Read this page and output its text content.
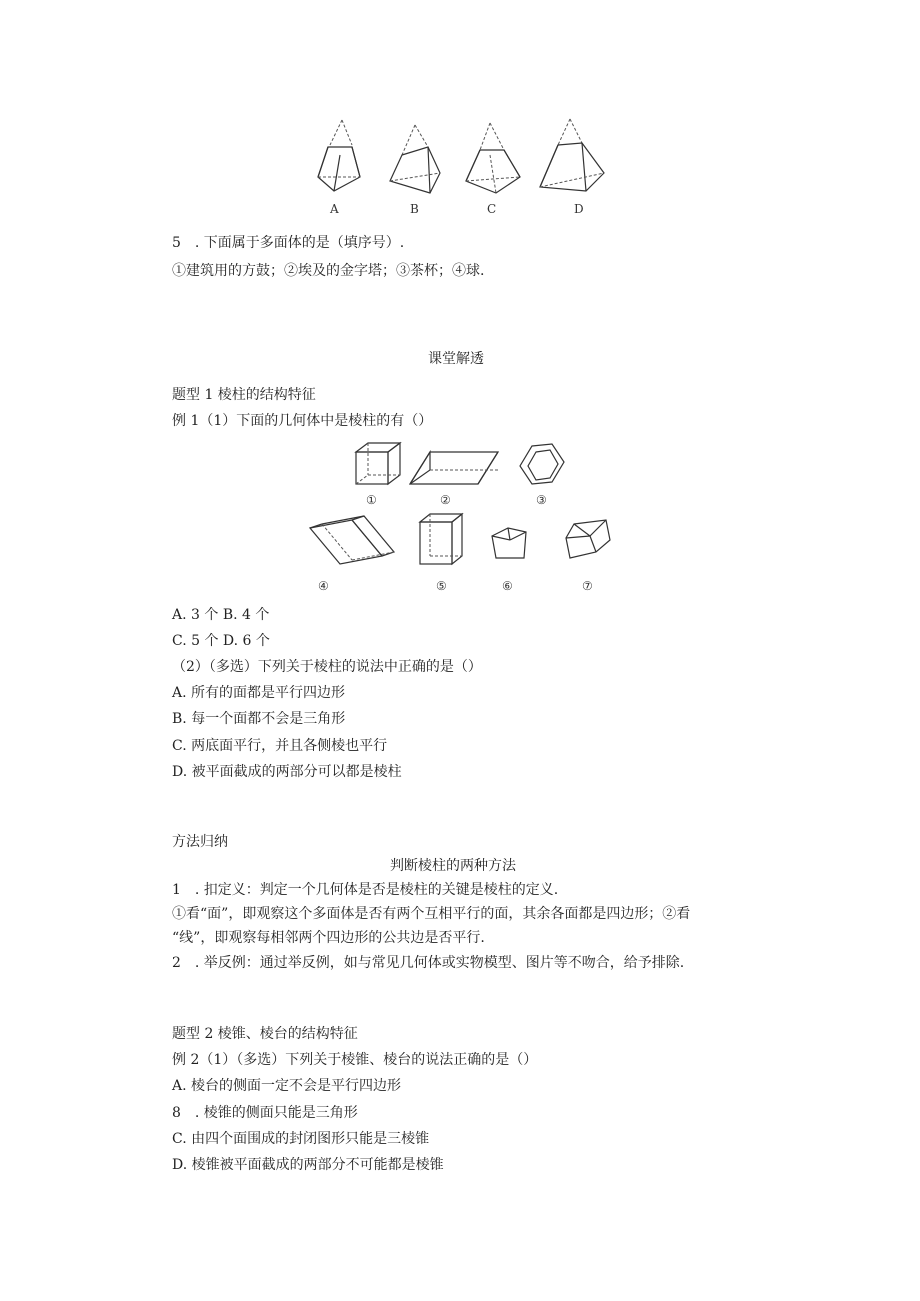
A	B	C	D
5　. 下面属于多面体的是（填序号）.
①建筑用的方鼓；②埃及的金字塔；③茶杯；④球.
课堂解透
题型 1 棱柱的结构特征
例 1（1）下面的几何体中是棱柱的有（）
①	②	③
④	⑤	⑥	⑦
A. 3 个 B. 4 个
C. 5 个 D. 6 个
（2）（多选）下列关于棱柱的说法中正确的是（）
A. 所有的面都是平行四边形
B. 每一个面都不会是三角形
C. 两底面平行，并且各侧棱也平行
D. 被平面截成的两部分可以都是棱柱
方法归纳
判断棱柱的两种方法
1　. 扣定义：判定一个几何体是否是棱柱的关键是棱柱的定义.
①看“面”，即观察这个多面体是否有两个互相平行的面，其余各面都是四边形；②看
“线”，即观察每相邻两个四边形的公共边是否平行.
2　. 举反例：通过举反例，如与常见几何体或实物模型、图片等不吻合，给予排除.
题型 2 棱锥、棱台的结构特征
例 2（1）（多选）下列关于棱锥、棱台的说法正确的是（）
A. 棱台的侧面一定不会是平行四边形
8　. 棱锥的侧面只能是三角形
C. 由四个面围成的封闭图形只能是三棱锥
D. 棱锥被平面截成的两部分不可能都是棱锥
